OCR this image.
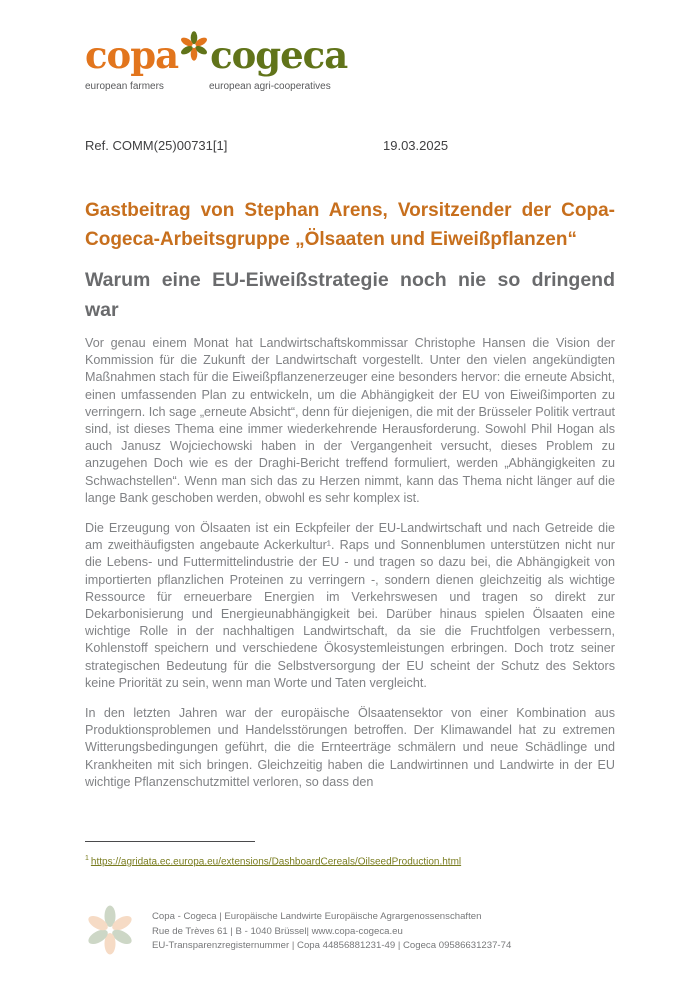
copa cogeca
european farmers	european agri-cooperatives
Ref. COMM(25)00731[1]	19.03.2025
Gastbeitrag von Stephan Arens, Vorsitzender der Copa-Cogeca-Arbeitsgruppe „Ölsaaten und Eiweißpflanzen“
Warum eine EU-Eiweißstrategie noch nie so dringend war

Vor genau einem Monat hat Landwirtschaftskommissar Christophe Hansen die Vision der Kommission für die Zukunft der Landwirtschaft vorgestellt. Unter den vielen angekündigten Maßnahmen stach für die Eiweißpflanzenerzeuger eine besonders hervor: die erneute Absicht, einen umfassenden Plan zu entwickeln, um die Abhängigkeit der EU von Eiweißimporten zu verringern. Ich sage „erneute Absicht“, denn für diejenigen, die mit der Brüsseler Politik vertraut sind, ist dieses Thema eine immer wiederkehrende Herausforderung. Sowohl Phil Hogan als auch Janusz Wojciechowski haben in der Vergangenheit versucht, dieses Problem zu anzugehen Doch wie es der Draghi-Bericht treffend formuliert, werden „Abhängigkeiten zu Schwachstellen“. Wenn man sich das zu Herzen nimmt, kann das Thema nicht länger auf die lange Bank geschoben werden, obwohl es sehr komplex ist.

Die Erzeugung von Ölsaaten ist ein Eckpfeiler der EU-Landwirtschaft und nach Getreide die am zweithäufigsten angebaute Ackerkultur¹. Raps und Sonnenblumen unterstützen nicht nur die Lebens- und Futtermittelindustrie der EU - und tragen so dazu bei, die Abhängigkeit von importierten pflanzlichen Proteinen zu verringern -, sondern dienen gleichzeitig als wichtige Ressource für erneuerbare Energien im Verkehrswesen und tragen so direkt zur Dekarbonisierung und Energieunabhängigkeit bei. Darüber hinaus spielen Ölsaaten eine wichtige Rolle in der nachhaltigen Landwirtschaft, da sie die Fruchtfolgen verbessern, Kohlenstoff speichern und verschiedene Ökosystemleistungen erbringen. Doch trotz seiner strategischen Bedeutung für die Selbstversorgung der EU scheint der Schutz des Sektors keine Priorität zu sein, wenn man Worte und Taten vergleicht.

In den letzten Jahren war der europäische Ölsaatensektor von einer Kombination aus Produktionsproblemen und Handelsstörungen betroffen. Der Klimawandel hat zu extremen Witterungsbedingungen geführt, die die Ernteerträge schmälern und neue Schädlinge und Krankheiten mit sich bringen. Gleichzeitig haben die Landwirtinnen und Landwirte in der EU wichtige Pflanzenschutzmittel verloren, so dass den

$^1$ https://agridata.ec.europa.eu/extensions/DashboardCereals/OilseedProduction.html
Copa - Cogeca | Europäische Landwirte Europäische Agrargenossenschaften
Rue de Trèves 61 | B - 1040 Brüssel| www.copa-cogeca.eu
EU-Transparenzregisternummer | Copa 44856881231-49 | Cogeca 09586631237-74
